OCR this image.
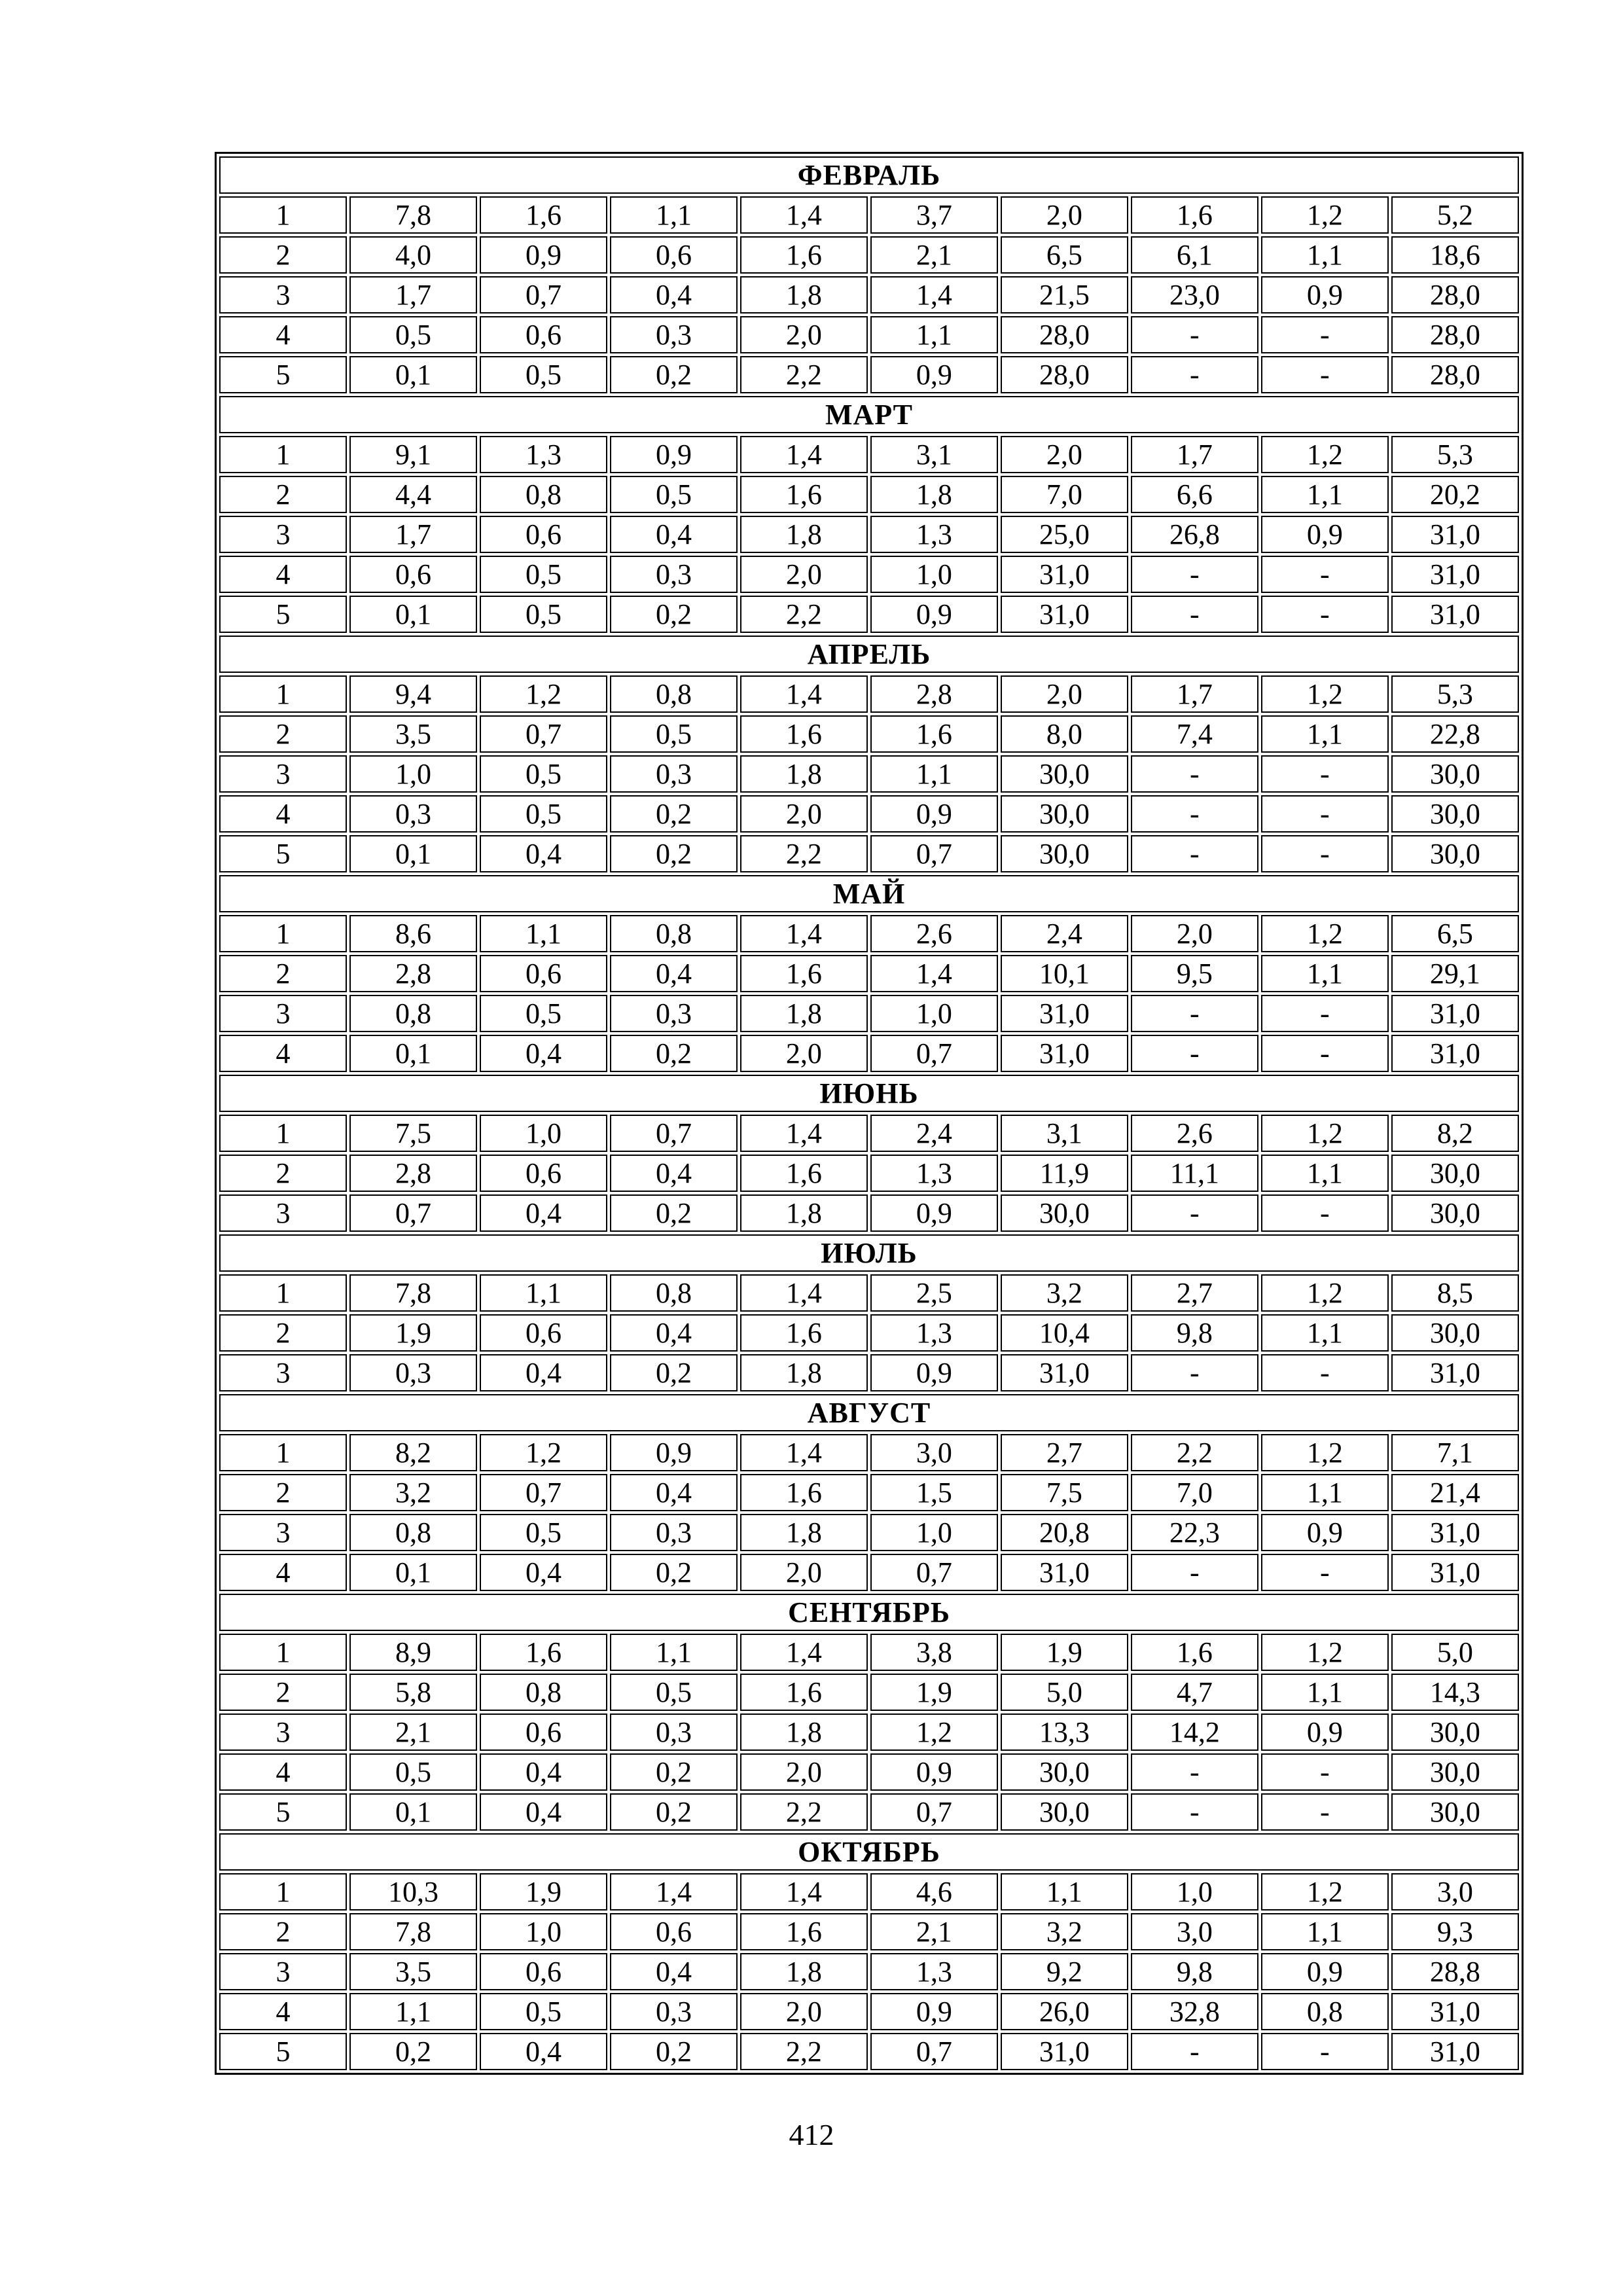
ФЕВРАЛЬ									
1	7,8	1,6	1,1	1,4	3,7	2,0	1,6	1,2	5,2
2	4,0	0,9	0,6	1,6	2,1	6,5	6,1	1,1	18,6
3	1,7	0,7	0,4	1,8	1,4	21,5	23,0	0,9	28,0
4	0,5	0,6	0,3	2,0	1,1	28,0	-	-	28,0
5	0,1	0,5	0,2	2,2	0,9	28,0	-	-	28,0
МАРТ									
1	9,1	1,3	0,9	1,4	3,1	2,0	1,7	1,2	5,3
2	4,4	0,8	0,5	1,6	1,8	7,0	6,6	1,1	20,2
3	1,7	0,6	0,4	1,8	1,3	25,0	26,8	0,9	31,0
4	0,6	0,5	0,3	2,0	1,0	31,0	-	-	31,0
5	0,1	0,5	0,2	2,2	0,9	31,0	-	-	31,0
АПРЕЛЬ									
1	9,4	1,2	0,8	1,4	2,8	2,0	1,7	1,2	5,3
2	3,5	0,7	0,5	1,6	1,6	8,0	7,4	1,1	22,8
3	1,0	0,5	0,3	1,8	1,1	30,0	-	-	30,0
4	0,3	0,5	0,2	2,0	0,9	30,0	-	-	30,0
5	0,1	0,4	0,2	2,2	0,7	30,0	-	-	30,0
МАЙ									
1	8,6	1,1	0,8	1,4	2,6	2,4	2,0	1,2	6,5
2	2,8	0,6	0,4	1,6	1,4	10,1	9,5	1,1	29,1
3	0,8	0,5	0,3	1,8	1,0	31,0	-	-	31,0
4	0,1	0,4	0,2	2,0	0,7	31,0	-	-	31,0
ИЮНЬ									
1	7,5	1,0	0,7	1,4	2,4	3,1	2,6	1,2	8,2
2	2,8	0,6	0,4	1,6	1,3	11,9	11,1	1,1	30,0
3	0,7	0,4	0,2	1,8	0,9	30,0	-	-	30,0
ИЮЛЬ									
1	7,8	1,1	0,8	1,4	2,5	3,2	2,7	1,2	8,5
2	1,9	0,6	0,4	1,6	1,3	10,4	9,8	1,1	30,0
3	0,3	0,4	0,2	1,8	0,9	31,0	-	-	31,0
АВГУСТ									
1	8,2	1,2	0,9	1,4	3,0	2,7	2,2	1,2	7,1
2	3,2	0,7	0,4	1,6	1,5	7,5	7,0	1,1	21,4
3	0,8	0,5	0,3	1,8	1,0	20,8	22,3	0,9	31,0
4	0,1	0,4	0,2	2,0	0,7	31,0	-	-	31,0
СЕНТЯБРЬ									
1	8,9	1,6	1,1	1,4	3,8	1,9	1,6	1,2	5,0
2	5,8	0,8	0,5	1,6	1,9	5,0	4,7	1,1	14,3
3	2,1	0,6	0,3	1,8	1,2	13,3	14,2	0,9	30,0
4	0,5	0,4	0,2	2,0	0,9	30,0	-	-	30,0
5	0,1	0,4	0,2	2,2	0,7	30,0	-	-	30,0
ОКТЯБРЬ									
1	10,3	1,9	1,4	1,4	4,6	1,1	1,0	1,2	3,0
2	7,8	1,0	0,6	1,6	2,1	3,2	3,0	1,1	9,3
3	3,5	0,6	0,4	1,8	1,3	9,2	9,8	0,9	28,8
4	1,1	0,5	0,3	2,0	0,9	26,0	32,8	0,8	31,0
5	0,2	0,4	0,2	2,2	0,7	31,0	-	-	31,0
412
